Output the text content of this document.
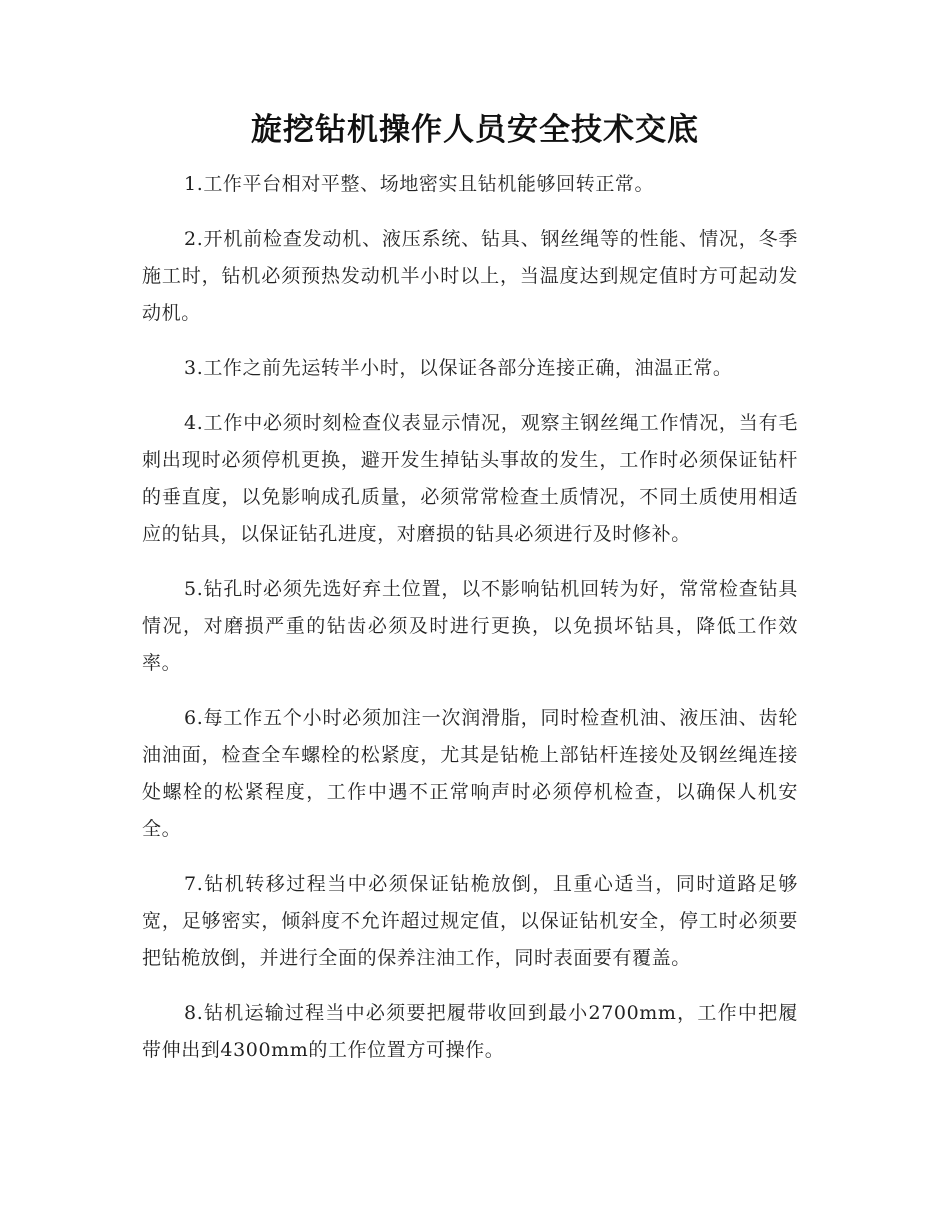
旋挖钻机操作人员安全技术交底

1.工作平台相对平整、场地密实且钻机能够回转正常。

2.开机前检查发动机、液压系统、钻具、钢丝绳等的性能、情况，冬季施工时，钻机必须预热发动机半小时以上，当温度达到规定值时方可起动发动机。

3.工作之前先运转半小时，以保证各部分连接正确，油温正常。

4.工作中必须时刻检查仪表显示情况，观察主钢丝绳工作情况，当有毛刺出现时必须停机更换，避开发生掉钻头事故的发生，工作时必须保证钻杆的垂直度，以免影响成孔质量，必须常常检查土质情况，不同土质使用相适应的钻具，以保证钻孔进度，对磨损的钻具必须进行及时修补。

5.钻孔时必须先选好弃土位置，以不影响钻机回转为好，常常检查钻具情况，对磨损严重的钻齿必须及时进行更换，以免损坏钻具，降低工作效率。

6.每工作五个小时必须加注一次润滑脂，同时检查机油、液压油、齿轮油油面，检查全车螺栓的松紧度，尤其是钻桅上部钻杆连接处及钢丝绳连接处螺栓的松紧程度，工作中遇不正常响声时必须停机检查，以确保人机安全。

7.钻机转移过程当中必须保证钻桅放倒，且重心适当，同时道路足够宽，足够密实，倾斜度不允许超过规定值，以保证钻机安全，停工时必须要把钻桅放倒，并进行全面的保养注油工作，同时表面要有覆盖。

8.钻机运输过程当中必须要把履带收回到最小2700mm，工作中把履带伸出到4300mm的工作位置方可操作。
